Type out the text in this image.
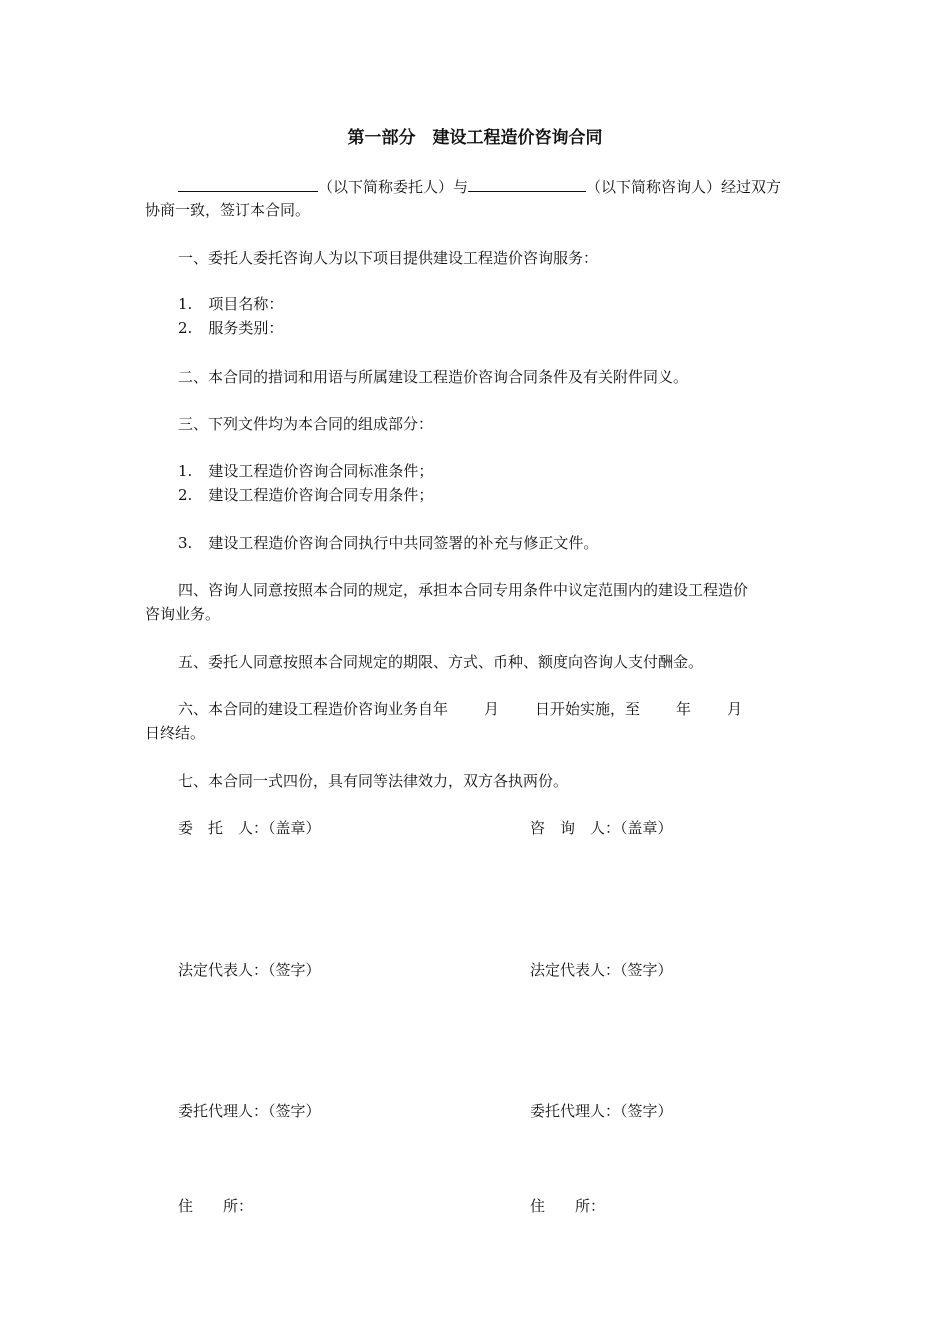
第一部分　建设工程造价咨询合同
（以下简称委托人）与	（以下简称咨询人）经过双方
协商一致，签订本合同。
一、委托人委托咨询人为以下项目提供建设工程造价咨询服务：
1. 项目名称：
2. 服务类别：
二、本合同的措词和用语与所属建设工程造价咨询合同条件及有关附件同义。
三、下列文件均为本合同的组成部分：
1. 建设工程造价咨询合同标准条件；
2. 建设工程造价咨询合同专用条件；
3. 建设工程造价咨询合同执行中共同签署的补充与修正文件。
四、咨询人同意按照本合同的规定，承担本合同专用条件中议定范围内的建设工程造价
咨询业务。
五、委托人同意按照本合同规定的期限、方式、币种、额度向咨询人支付酬金。
六、本合同的建设工程造价咨询业务自年 月 日开始实施，至 年 月
日终结。
七、本合同一式四份，具有同等法律效力，双方各执两份。
委　托　人：（盖章）
法定代表人：（签字）
委托代理人：（签字）
住　　所：
咨　询　人：（盖章）
法定代表人：（签字）
委托代理人：（签字）
住　　所：
